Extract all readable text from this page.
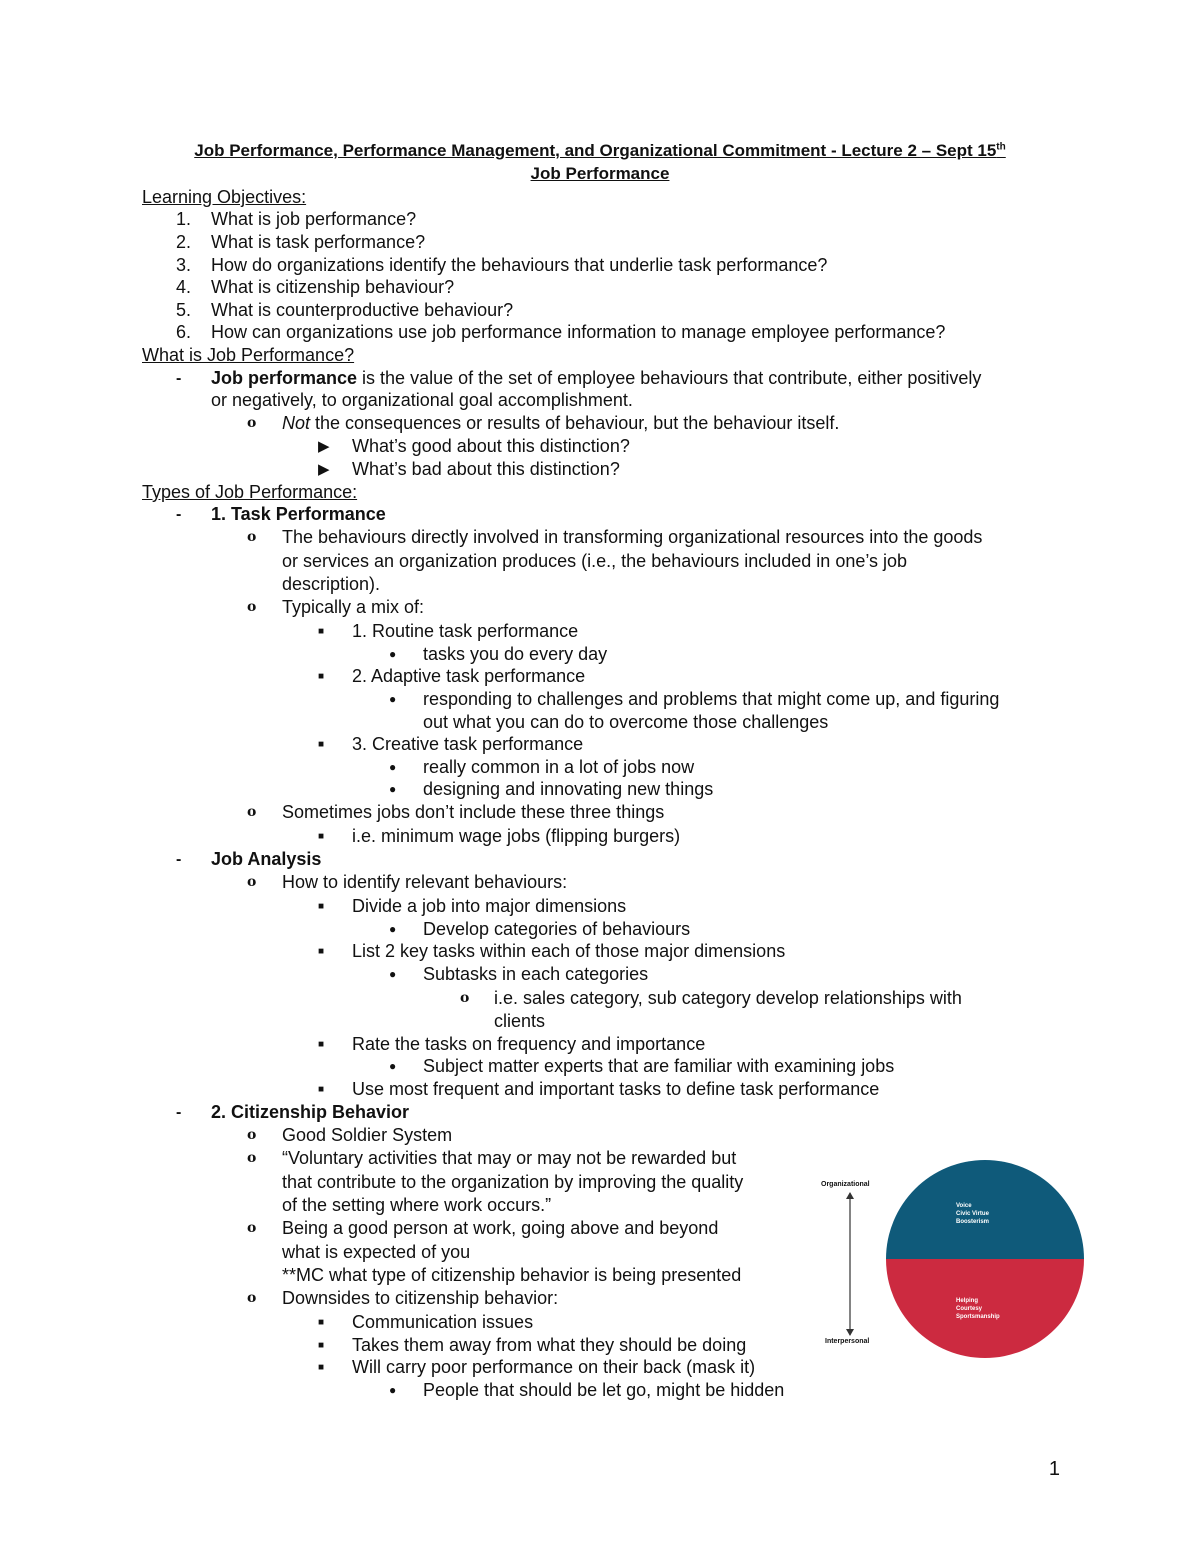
Job Performance, Performance Management, and Organizational Commitment - Lecture 2 – Sept 15th
Job Performance
Learning Objectives:
1. What is job performance?
2. What is task performance?
3. How do organizations identify the behaviours that underlie task performance?
4. What is citizenship behaviour?
5. What is counterproductive behaviour?
6. How can organizations use job performance information to manage employee performance?
What is Job Performance?
- Job performance is the value of the set of employee behaviours that contribute, either positively
or negatively, to organizational goal accomplishment.
o Not the consequences or results of behaviour, but the behaviour itself.
▶ What’s good about this distinction?
▶ What’s bad about this distinction?
Types of Job Performance:
- 1. Task Performance
o The behaviours directly involved in transforming organizational resources into the goods
or services an organization produces (i.e., the behaviours included in one’s job
description).
o Typically a mix of:
■ 1. Routine task performance
● tasks you do every day
■ 2. Adaptive task performance
● responding to challenges and problems that might come up, and figuring
out what you can do to overcome those challenges
■ 3. Creative task performance
● really common in a lot of jobs now
● designing and innovating new things
o Sometimes jobs don’t include these three things
■ i.e. minimum wage jobs (flipping burgers)
- Job Analysis
o How to identify relevant behaviours:
■ Divide a job into major dimensions
● Develop categories of behaviours
■ List 2 key tasks within each of those major dimensions
● Subtasks in each categories
o i.e. sales category, sub category develop relationships with
clients
■ Rate the tasks on frequency and importance
● Subject matter experts that are familiar with examining jobs
■ Use most frequent and important tasks to define task performance
- 2. Citizenship Behavior
o Good Soldier System
o “Voluntary activities that may or may not be rewarded but
that contribute to the organization by improving the quality
of the setting where work occurs.”
o Being a good person at work, going above and beyond
what is expected of you
**MC what type of citizenship behavior is being presented
o Downsides to citizenship behavior:
■ Communication issues
■ Takes them away from what they should be doing
■ Will carry poor performance on their back (mask it)
● People that should be let go, might be hidden
Organizational
Interpersonal
Voice
Civic Virtue
Boosterism
Helping
Courtesy
Sportsmanship
1
